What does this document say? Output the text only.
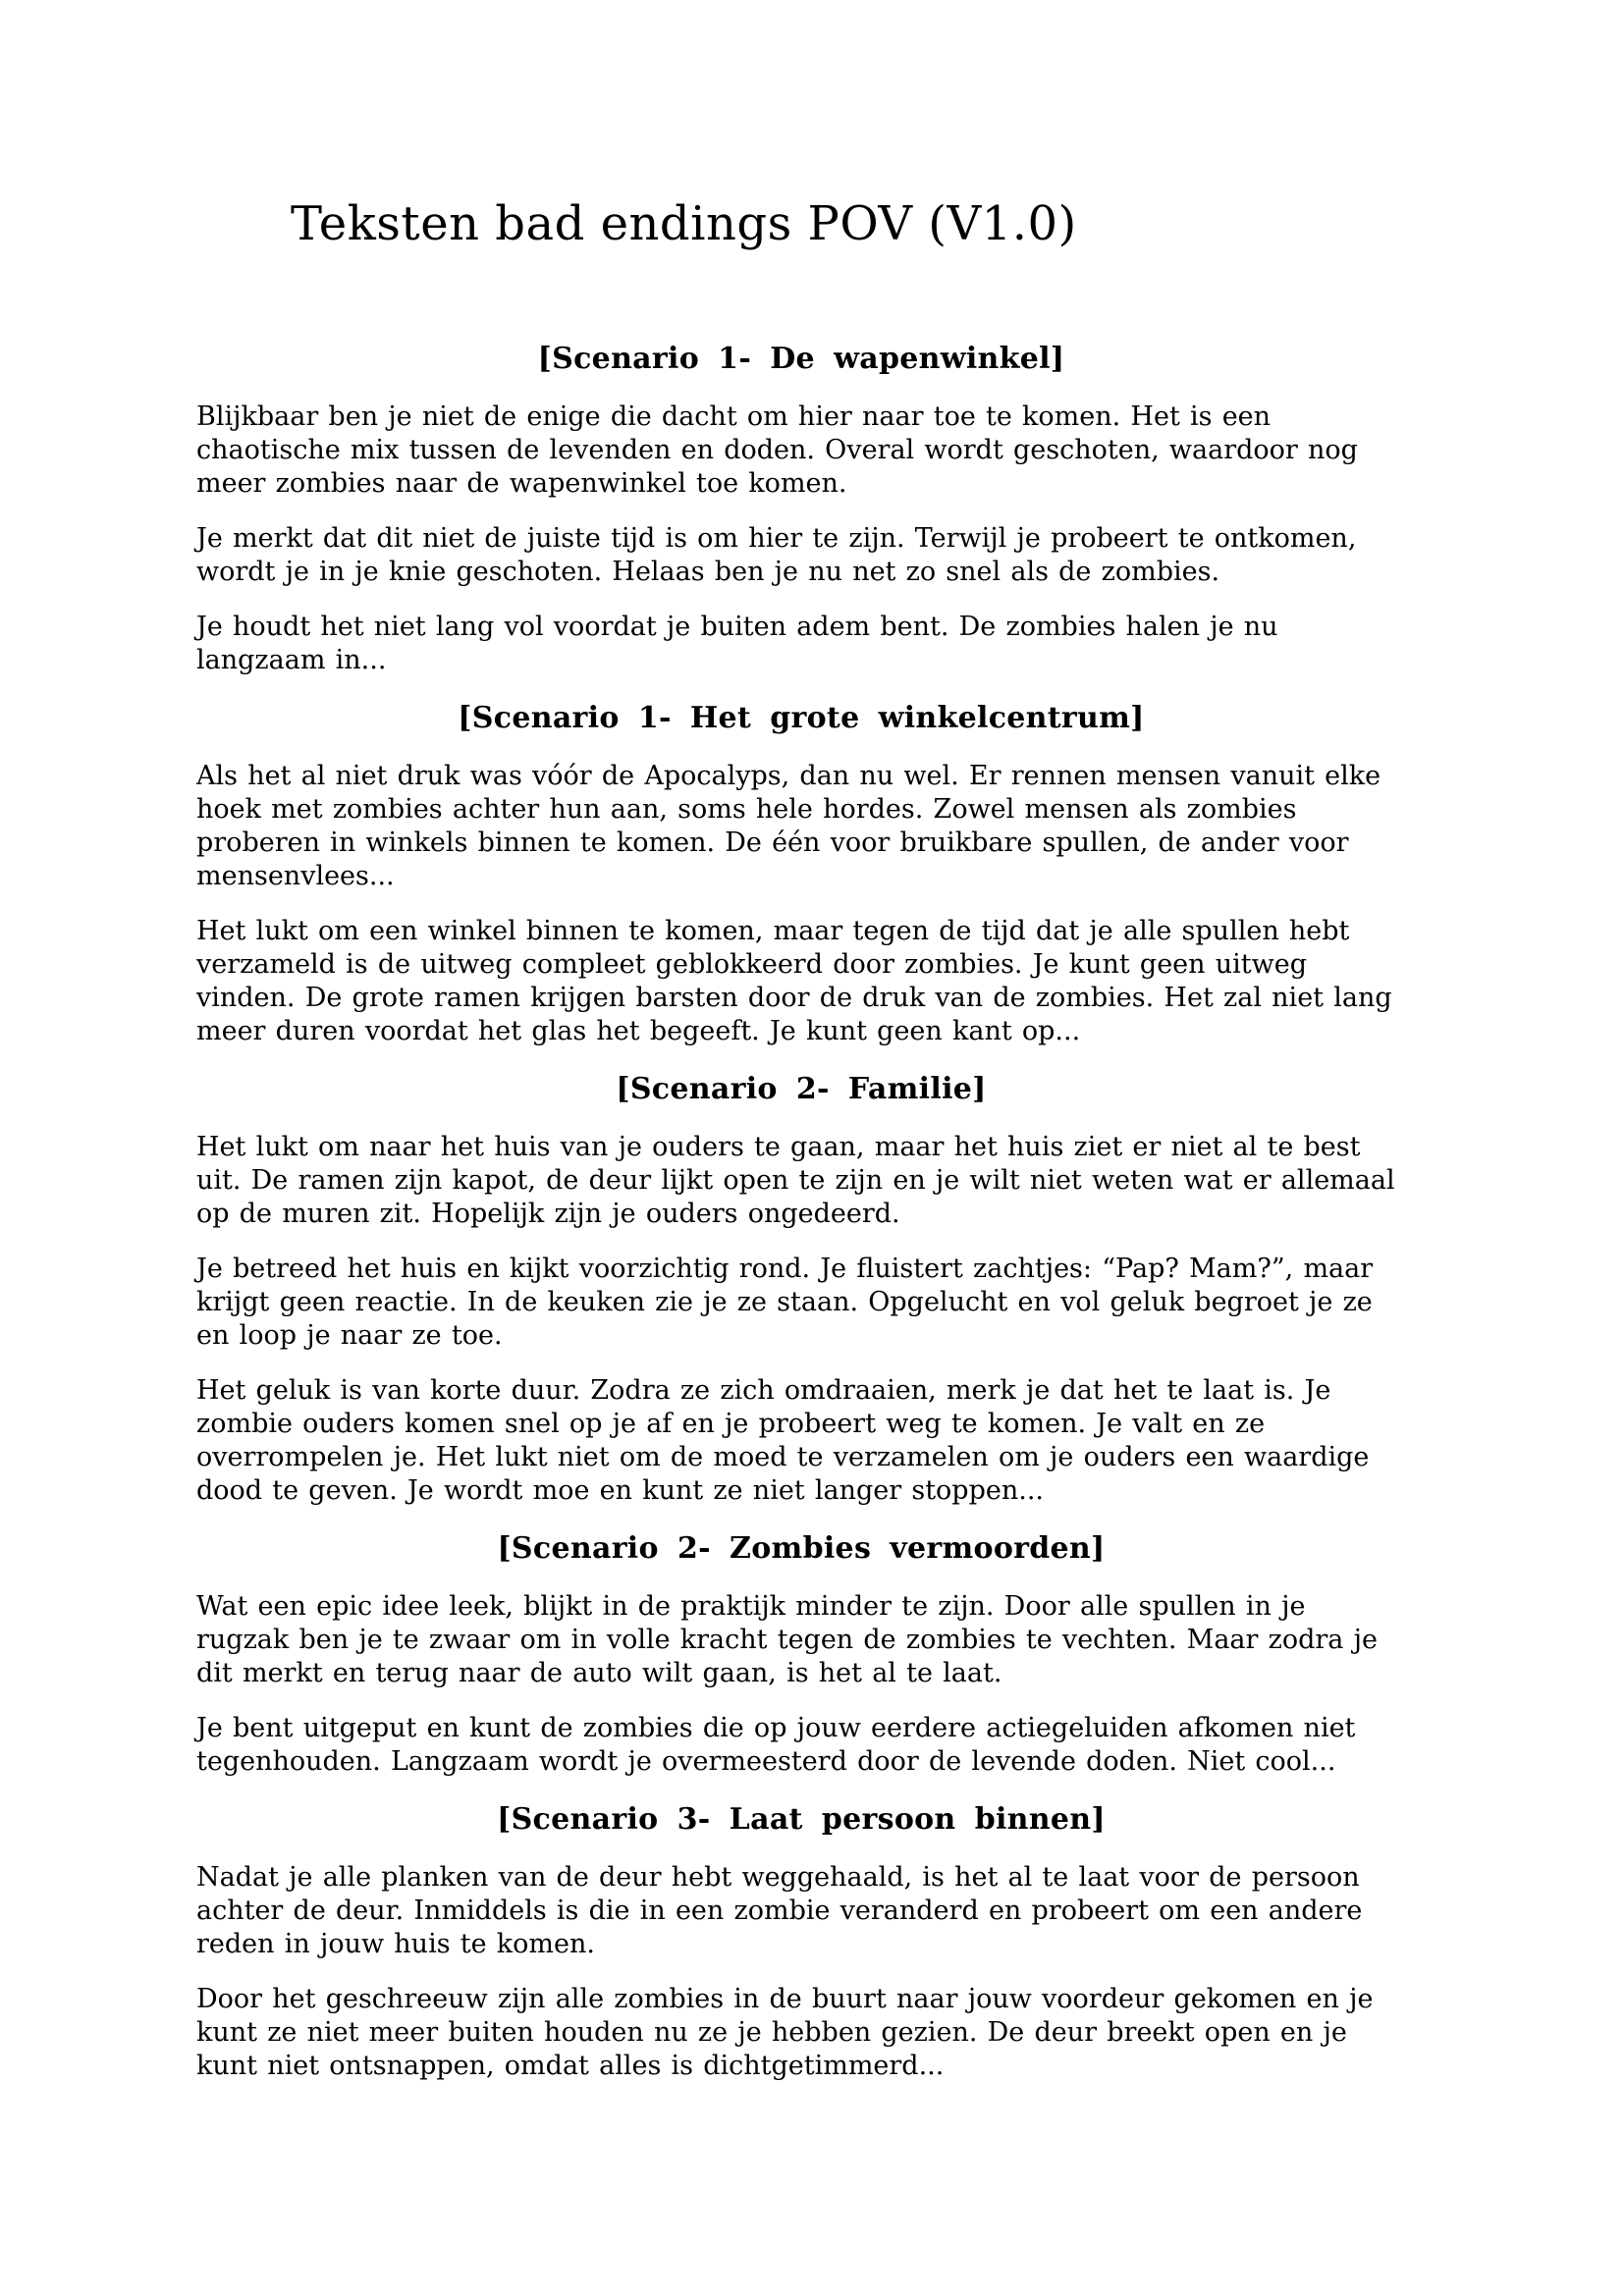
Teksten bad endings POV (V1.0)
[Scenario 1- De wapenwinkel]

Blijkbaar ben je niet de enige die dacht om hier naar toe te komen. Het is een chaotische mix tussen de levenden en doden. Overal wordt geschoten, waardoor nog meer zombies naar de wapenwinkel toe komen.

Je merkt dat dit niet de juiste tijd is om hier te zijn. Terwijl je probeert te ontkomen, wordt je in je knie geschoten. Helaas ben je nu net zo snel als de zombies.

Je houdt het niet lang vol voordat je buiten adem bent. De zombies halen je nu langzaam in...

[Scenario 1- Het grote winkelcentrum]

Als het al niet druk was vóór de Apocalyps, dan nu wel. Er rennen mensen vanuit elke hoek met zombies achter hun aan, soms hele hordes. Zowel mensen als zombies proberen in winkels binnen te komen. De één voor bruikbare spullen, de ander voor mensenvlees...

Het lukt om een winkel binnen te komen, maar tegen de tijd dat je alle spullen hebt verzameld is de uitweg compleet geblokkeerd door zombies. Je kunt geen uitweg vinden. De grote ramen krijgen barsten door de druk van de zombies. Het zal niet lang meer duren voordat het glas het begeeft. Je kunt geen kant op...

[Scenario 2- Familie]

Het lukt om naar het huis van je ouders te gaan, maar het huis ziet er niet al te best uit. De ramen zijn kapot, de deur lijkt open te zijn en je wilt niet weten wat er allemaal op de muren zit. Hopelijk zijn je ouders ongedeerd.

Je betreed het huis en kijkt voorzichtig rond. Je fluistert zachtjes: “Pap? Mam?”, maar krijgt geen reactie. In de keuken zie je ze staan. Opgelucht en vol geluk begroet je ze en loop je naar ze toe.

Het geluk is van korte duur. Zodra ze zich omdraaien, merk je dat het te laat is. Je zombie ouders komen snel op je af en je probeert weg te komen. Je valt en ze overrompelen je. Het lukt niet om de moed te verzamelen om je ouders een waardige dood te geven. Je wordt moe en kunt ze niet langer stoppen...

[Scenario 2- Zombies vermoorden]

Wat een epic idee leek, blijkt in de praktijk minder te zijn. Door alle spullen in je rugzak ben je te zwaar om in volle kracht tegen de zombies te vechten. Maar zodra je dit merkt en terug naar de auto wilt gaan, is het al te laat.

Je bent uitgeput en kunt de zombies die op jouw eerdere actiegeluiden afkomen niet tegenhouden. Langzaam wordt je overmeesterd door de levende doden. Niet cool...

[Scenario 3- Laat persoon binnen]

Nadat je alle planken van de deur hebt weggehaald, is het al te laat voor de persoon achter de deur. Inmiddels is die in een zombie veranderd en probeert om een andere reden in jouw huis te komen.

Door het geschreeuw zijn alle zombies in de buurt naar jouw voordeur gekomen en je kunt ze niet meer buiten houden nu ze je hebben gezien. De deur breekt open en je kunt niet ontsnappen, omdat alles is dichtgetimmerd...
